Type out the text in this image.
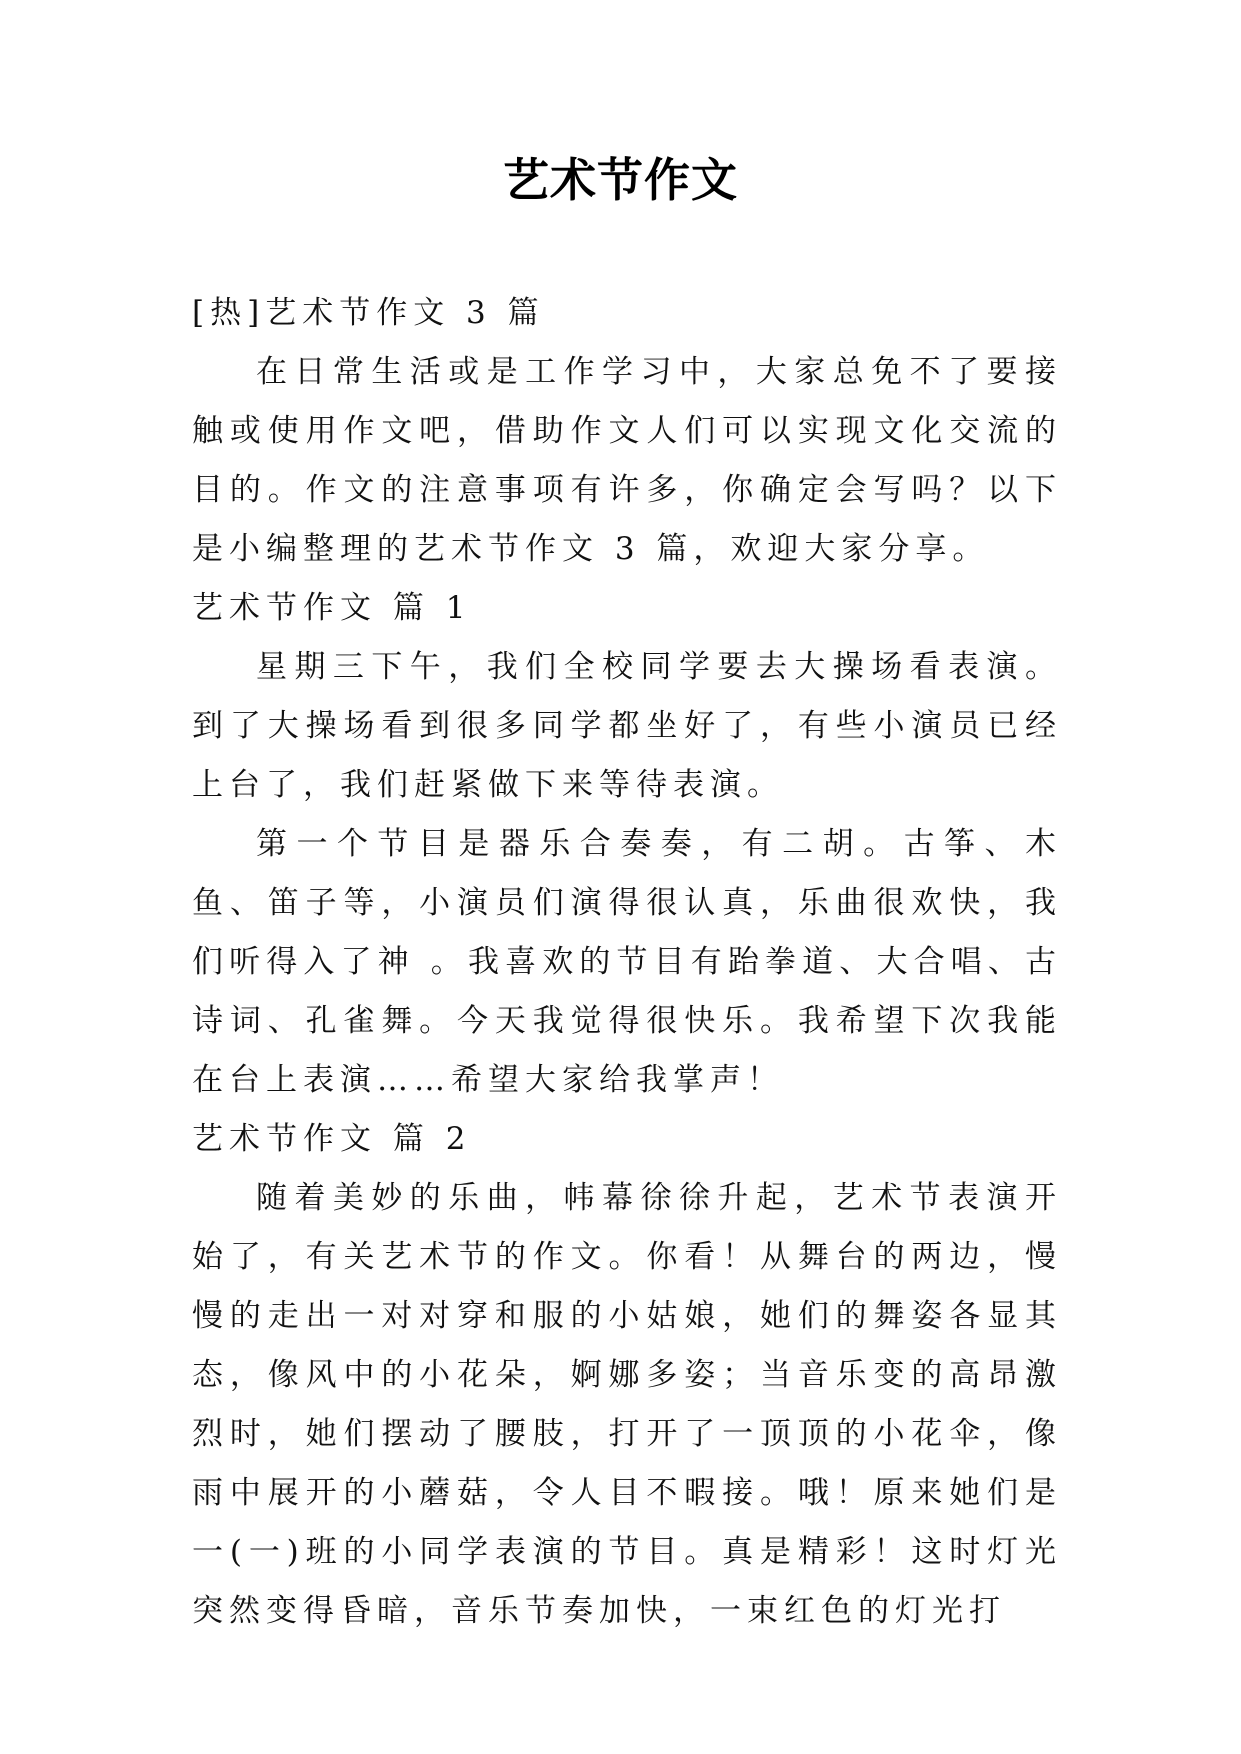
艺术节作文

[热]艺术节作文 3 篇

在日常生活或是工作学习中，大家总免不了要接触或使用作文吧，借助作文人们可以实现文化交流的目的。作文的注意事项有许多，你确定会写吗？以下是小编整理的艺术节作文 3 篇，欢迎大家分享。

艺术节作文 篇 1

星期三下午，我们全校同学要去大操场看表演。到了大操场看到很多同学都坐好了，有些小演员已经上台了，我们赶紧做下来等待表演。

第一个节目是器乐合奏奏，有二胡。古筝、木鱼、笛子等，小演员们演得很认真，乐曲很欢快，我们听得入了神 。我喜欢的节目有跆拳道、大合唱、古诗词、孔雀舞。今天我觉得很快乐。我希望下次我能在台上表演……希望大家给我掌声！

艺术节作文 篇 2

随着美妙的乐曲，帏幕徐徐升起，艺术节表演开始了，有关艺术节的作文。你看！从舞台的两边，慢慢的走出一对对穿和服的小姑娘，她们的舞姿各显其态，像风中的小花朵，婀娜多姿；当音乐变的高昂激烈时，她们摆动了腰肢，打开了一顶顶的小花伞，像雨中展开的小蘑菇，令人目不暇接。哦！原来她们是一(一)班的小同学表演的节目。真是精彩！这时灯光突然变得昏暗，音乐节奏加快，一束红色的灯光打
